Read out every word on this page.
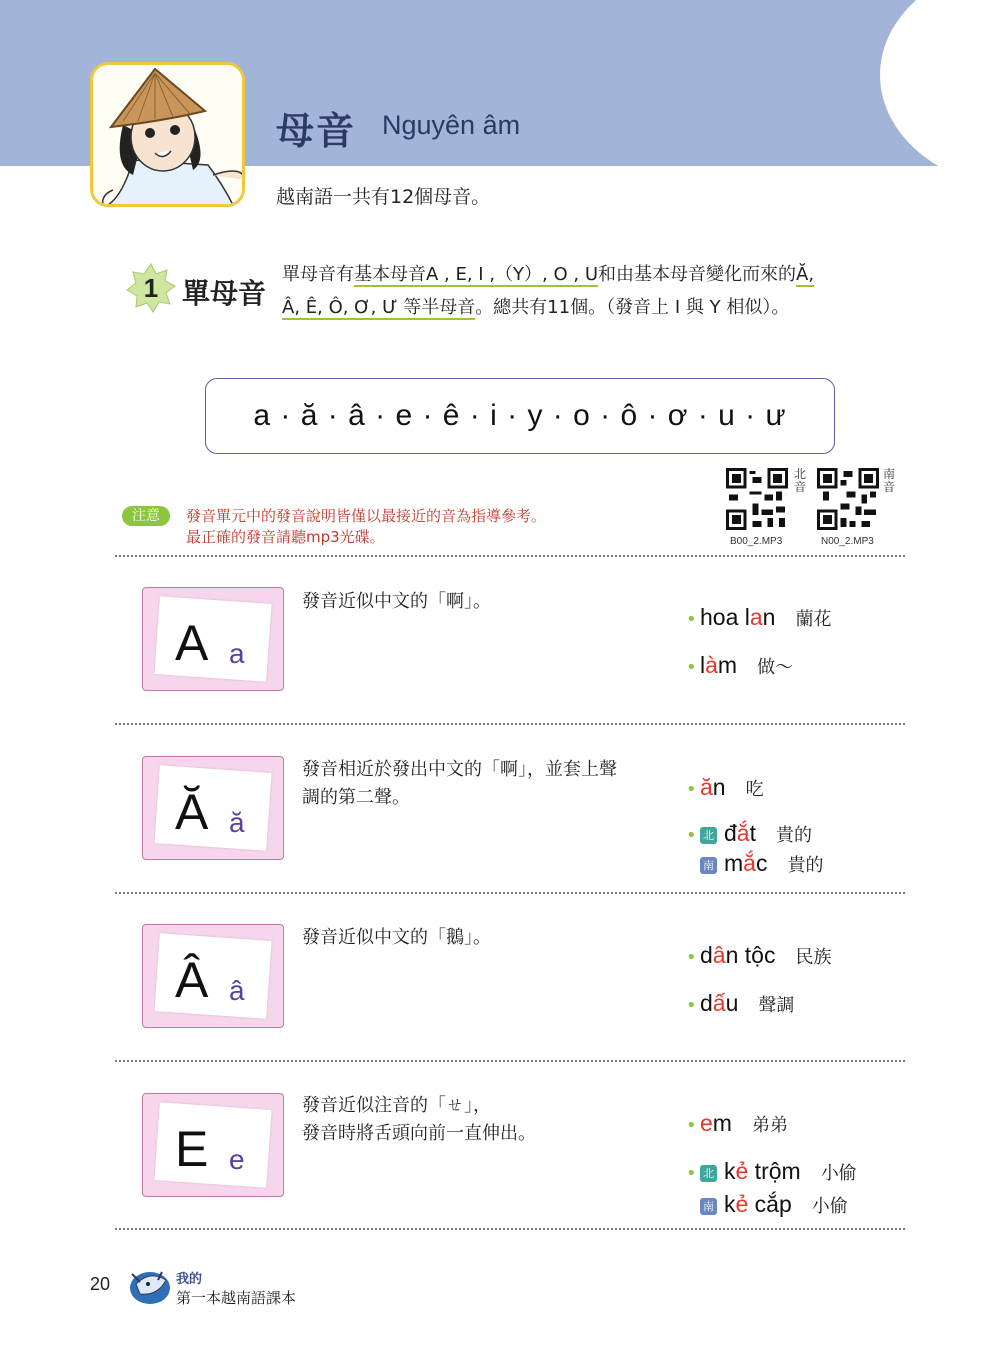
母音 Nguyên âm
越南語一共有12個母音。
1 單母音
單母音有基本母音A , E, I ,（Y）, O , U和由基本母音變化而來的Ă,
Â, Ê, Ô, Ơ, Ư 等半母音。總共有11個。（發音上 I 與 Y 相似）。
a · ă · â · e · ê · i · y · o · ô · ơ · u · ư
北音
B00_2.MP3
南音
N00_2.MP3
注意	發音單元中的發音說明皆僅以最接近的音為指導參考。
最正確的發音請聽mp3光碟。
A a
發音近似中文的「啊」。
• hoa lan 蘭花
• làm 做～
Ă ă
發音相近於發出中文的「啊」，並套上聲
調的第二聲。	• ăn 吃
• 北 đắt 貴的
南 mắc 貴的
Â â
發音近似中文的「鵝」。
• dân tộc 民族
• dấu 聲調
E e
發音近似注音的「ㄝ」，
發音時將舌頭向前一直伸出。	• em 弟弟
• 北 kẻ trộm 小偷
南 kẻ cắp 小偷
20	我的
第一本越南語課本
